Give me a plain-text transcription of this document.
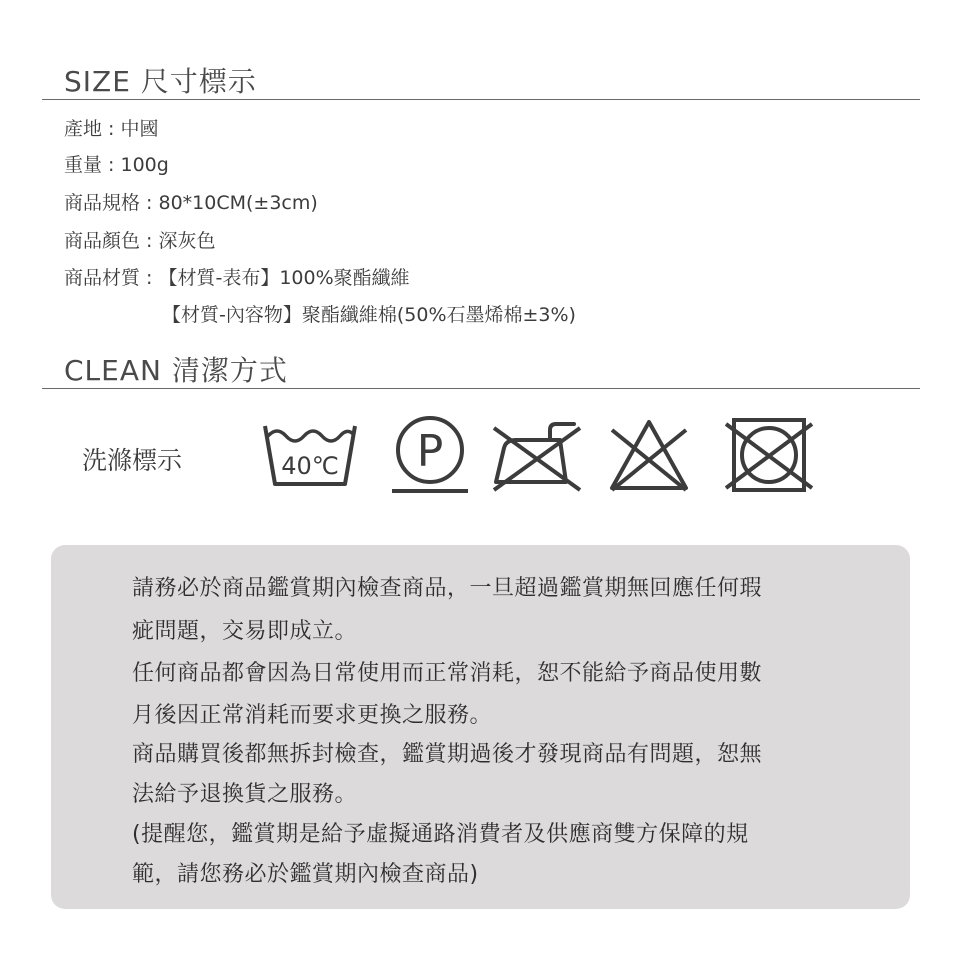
SIZE 尺寸標示
產地 : 中國
重量 : 100g
商品規格 : 80*10CM(±3cm)
商品顏色 : 深灰色
商品材質 : 【材質-表布】100%聚酯纖維
【材質-內容物】聚酯纖維棉(50%石墨烯棉±3%)
CLEAN 清潔方式
洗滌標示	40℃ P
請務必於商品鑑賞期內檢查商品，一旦超過鑑賞期無回應任何瑕
疵問題，交易即成立。
任何商品都會因為日常使用而正常消耗，恕不能給予商品使用數
月後因正常消耗而要求更換之服務。
商品購買後都無拆封檢查，鑑賞期過後才發現商品有問題，恕無
法給予退換貨之服務。
(提醒您，鑑賞期是給予虛擬通路消費者及供應商雙方保障的規
範，請您務必於鑑賞期內檢查商品)
